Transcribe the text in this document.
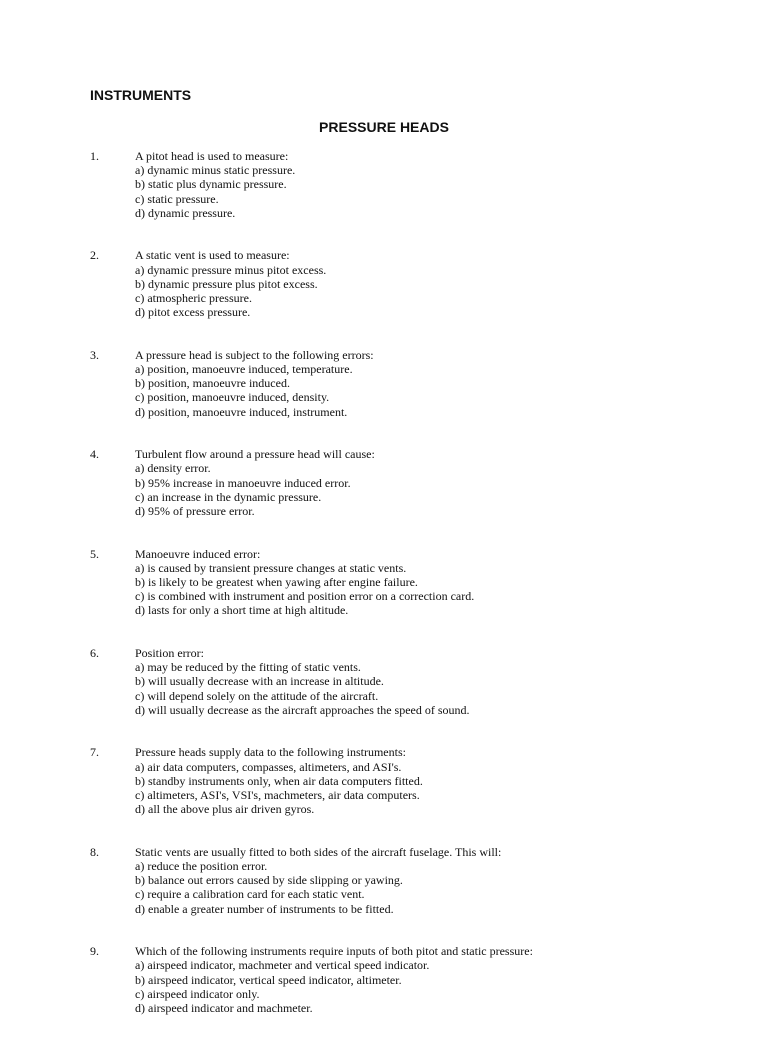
INSTRUMENTS
PRESSURE HEADS
1.	A pitot head is used to measure:
a) dynamic minus static pressure.
b) static plus dynamic pressure.
c) static pressure.
d) dynamic pressure.
2.	A static vent is used to measure:
a) dynamic pressure minus pitot excess.
b) dynamic pressure plus pitot excess.
c) atmospheric pressure.
d) pitot excess pressure.
3.	A pressure head is subject to the following errors:
a) position, manoeuvre induced, temperature.
b) position, manoeuvre induced.
c) position, manoeuvre induced, density.
d) position, manoeuvre induced, instrument.
4.	Turbulent flow around a pressure head will cause:
a) density error.
b) 95% increase in manoeuvre induced error.
c) an increase in the dynamic pressure.
d) 95% of pressure error.
5.	Manoeuvre induced error:
a) is caused by transient pressure changes at static vents.
b) is likely to be greatest when yawing after engine failure.
c) is combined with instrument and position error on a correction card.
d) lasts for only a short time at high altitude.
6.	Position error:
a) may be reduced by the fitting of static vents.
b) will usually decrease with an increase in altitude.
c) will depend solely on the attitude of the aircraft.
d) will usually decrease as the aircraft approaches the speed of sound.
7.	Pressure heads supply data to the following instruments:
a) air data computers, compasses, altimeters, and ASI's.
b) standby instruments only, when air data computers fitted.
c) altimeters, ASI's, VSI's, machmeters, air data computers.
d) all the above plus air driven gyros.
8.	Static vents are usually fitted to both sides of the aircraft fuselage. This will:
a) reduce the position error.
b) balance out errors caused by side slipping or yawing.
c) require a calibration card for each static vent.
d) enable a greater number of instruments to be fitted.
9.	Which of the following instruments require inputs of both pitot and static pressure:
a) airspeed indicator, machmeter and vertical speed indicator.
b) airspeed indicator, vertical speed indicator, altimeter.
c) airspeed indicator only.
d) airspeed indicator and machmeter.
